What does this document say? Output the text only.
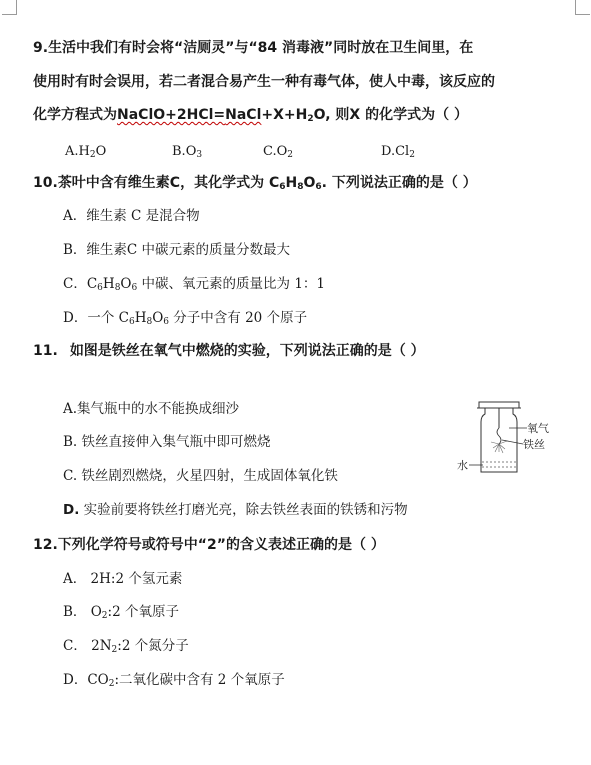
9.生活中我们有时会将“洁厕灵”与“84 消毒液”同时放在卫生间里，在
使用时有时会误用，若二者混合易产生一种有毒气体，使人中毒，该反应的
化学方程式为$NaClO+2HCl=NaCl+X+H_2O$, 则X 的化学式为（ ）
$A.H_2O$	$B.O_3$	$C.O_2$	$D.Cl_2$
10.茶叶中含有维生素C，其化学式为 $C_6H_8O_6$. 下列说法正确的是（ ）
A．维生素 C 是混合物
B．维生素C 中碳元素的质量分数最大
C．$C_6H_8O_6$ 中碳、氧元素的质量比为 1：1
D．一个 $C_6H_8O_6$ 分子中含有 20 个原子
11. 如图是铁丝在氧气中燃烧的实验，下列说法正确的是（ ）
A.集气瓶中的水不能换成细沙
B. 铁丝直接伸入集气瓶中即可燃烧
C. 铁丝剧烈燃烧，火星四射，生成固体氧化铁
D. 实验前要将铁丝打磨光亮，除去铁丝表面的铁锈和污物
氧气
铁丝
水
12.下列化学符号或符号中“2”的含义表述正确的是（ ）
A． 2H:2 个氢元素
B． $O_2:2$ 个氧原子
C． $2N_2:2$ 个氮分子
D．$CO_2$:二氧化碳中含有 2 个氧原子
